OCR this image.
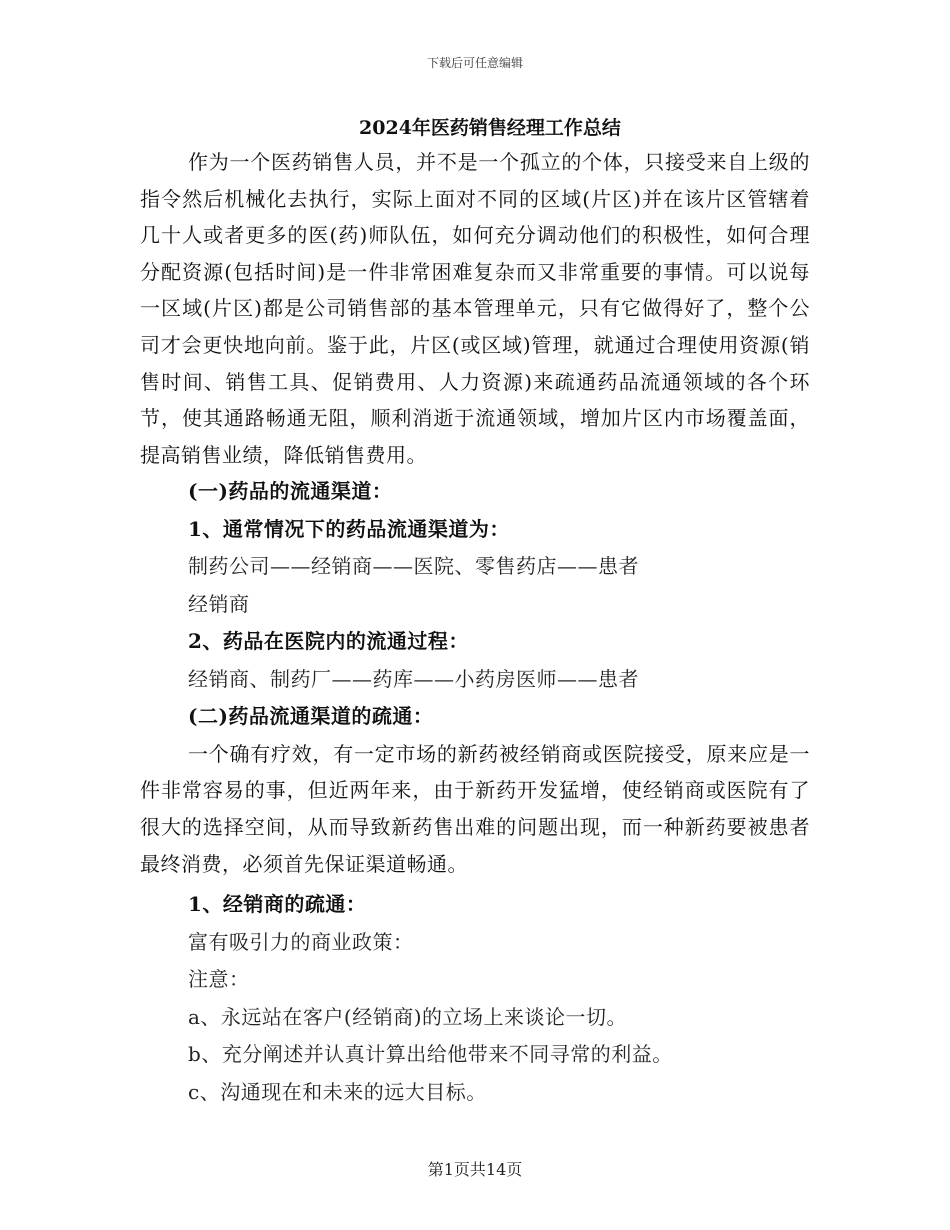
下载后可任意编辑
2024年医药销售经理工作总结

作为一个医药销售人员，并不是一个孤立的个体，只接受来自上级的指令然后机械化去执行，实际上面对不同的区域(片区)并在该片区管辖着几十人或者更多的医(药)师队伍，如何充分调动他们的积极性，如何合理分配资源(包括时间)是一件非常困难复杂而又非常重要的事情。可以说每一区域(片区)都是公司销售部的基本管理单元，只有它做得好了，整个公司才会更快地向前。鉴于此，片区(或区域)管理，就通过合理使用资源(销售时间、销售工具、促销费用、人力资源)来疏通药品流通领域的各个环节，使其通路畅通无阻，顺利消逝于流通领域，增加片区内市场覆盖面，提高销售业绩，降低销售费用。

(一)药品的流通渠道：

1、通常情况下的药品流通渠道为：

制药公司——经销商——医院、零售药店——患者

经销商

2、药品在医院内的流通过程：

经销商、制药厂——药库——小药房医师——患者

(二)药品流通渠道的疏通：

一个确有疗效，有一定市场的新药被经销商或医院接受，原来应是一件非常容易的事，但近两年来，由于新药开发猛增，使经销商或医院有了很大的选择空间，从而导致新药售出难的问题出现，而一种新药要被患者最终消费，必须首先保证渠道畅通。

1、经销商的疏通：

富有吸引力的商业政策：

注意：

a、永远站在客户(经销商)的立场上来谈论一切。

b、充分阐述并认真计算出给他带来不同寻常的利益。

c、沟通现在和未来的远大目标。

第1页共14页
